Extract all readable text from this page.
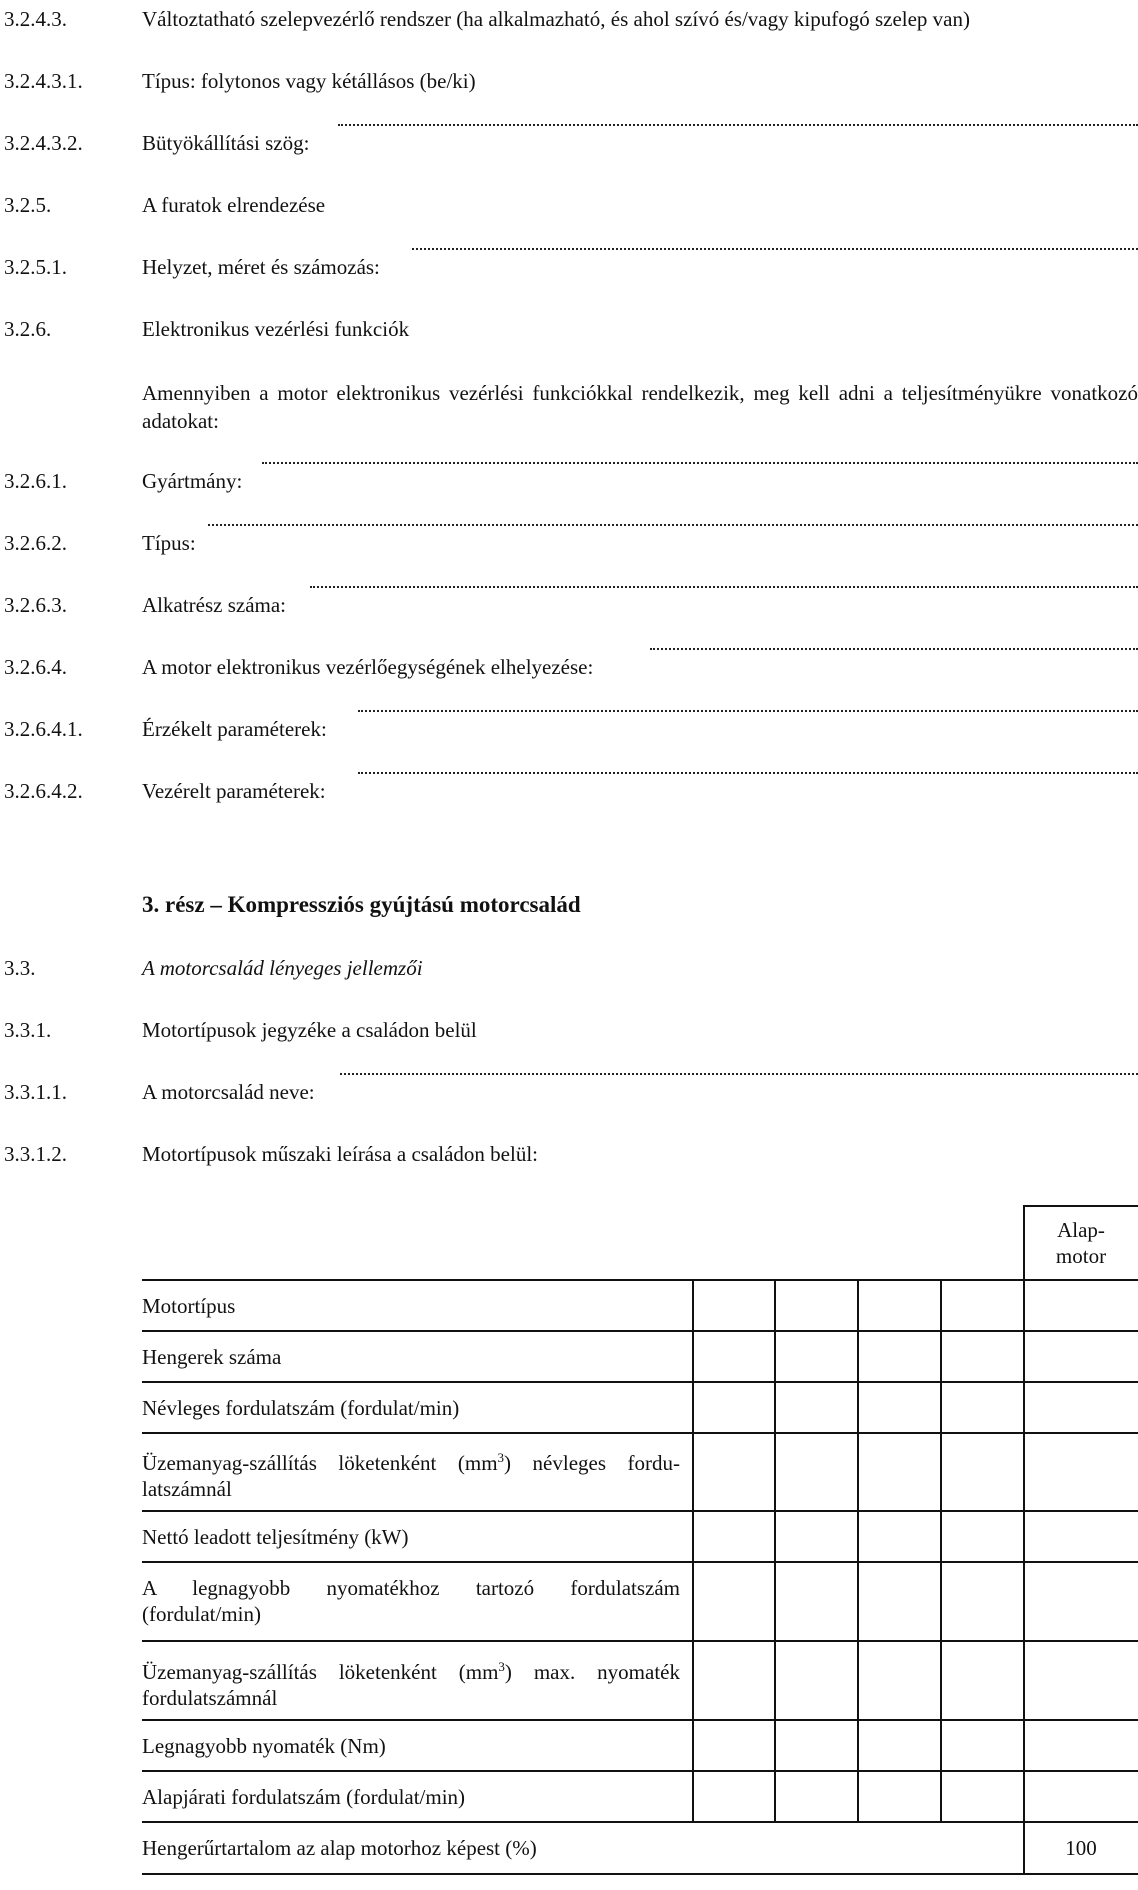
3.2.4.3.	Változtatható szelepvezérlő rendszer (ha alkalmazható, és ahol szívó és/vagy kipufogó szelep van)
3.2.4.3.1.	Típus: folytonos vagy kétállásos (be/ki)
3.2.4.3.2.	Bütyökállítási szög:
3.2.5.	A furatok elrendezése
3.2.5.1.	Helyzet, méret és számozás:
3.2.6.	Elektronikus vezérlési funkciók
Amennyiben a motor elektronikus vezérlési funkciókkal rendelkezik, meg kell adni a teljesítményükre vonatkozó adatokat:
3.2.6.1.	Gyártmány:
3.2.6.2.	Típus:
3.2.6.3.	Alkatrész száma:
3.2.6.4.	A motor elektronikus vezérlőegységének elhelyezése:
3.2.6.4.1.	Érzékelt paraméterek:
3.2.6.4.2.	Vezérelt paraméterek:
3. rész – Kompressziós gyújtású motorcsalád
3.3.	A motorcsalád lényeges jellemzői
3.3.1.	Motortípusok jegyzéke a családon belül
3.3.1.1.	A motorcsalád neve:
3.3.1.2.	Motortípusok műszaki leírása a családon belül:
Alap-
motor
Motortípus
Hengerek száma
Névleges fordulatszám (fordulat/min)
Üzemanyag-szállítás löketenként $(mm^3)$ névleges fordu-latszámnál
Nettó leadott teljesítmény (kW)
A legnagyobb nyomatékhoz tartozó fordulatszám (fordulat/min)
Üzemanyag-szállítás löketenként $(mm^3)$ max. nyomaték fordulatszámnál
Legnagyobb nyomaték (Nm)
Alapjárati fordulatszám (fordulat/min)
Hengerűrtartalom az alap motorhoz képest (%)	100
